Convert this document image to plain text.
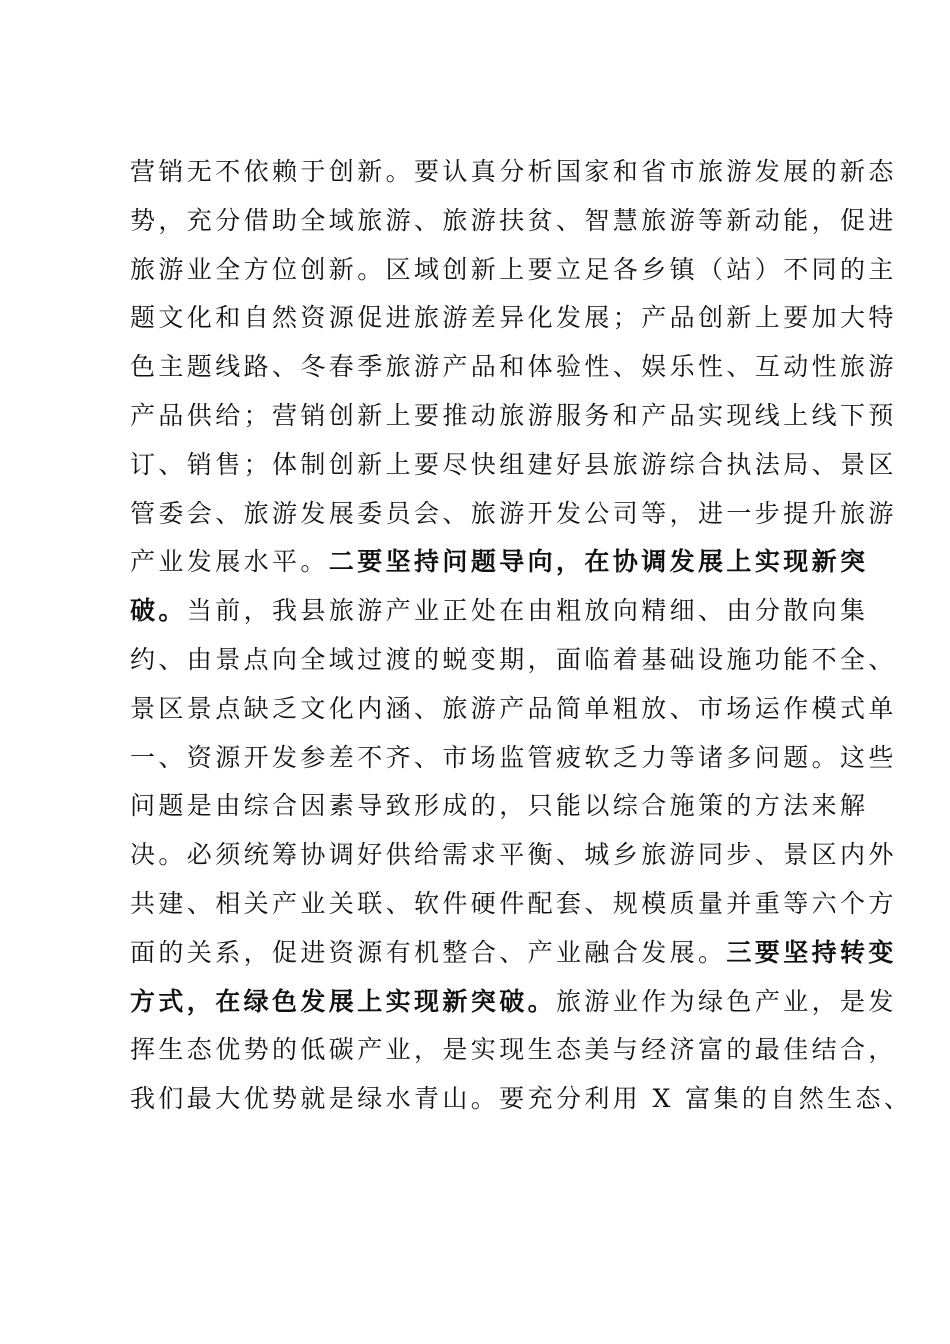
营销无不依赖于创新。要认真分析国家和省市旅游发展的新态
势，充分借助全域旅游、旅游扶贫、智慧旅游等新动能，促进
旅游业全方位创新。区域创新上要立足各乡镇（站）不同的主
题文化和自然资源促进旅游差异化发展；产品创新上要加大特
色主题线路、冬春季旅游产品和体验性、娱乐性、互动性旅游
产品供给；营销创新上要推动旅游服务和产品实现线上线下预
订、销售；体制创新上要尽快组建好县旅游综合执法局、景区
管委会、旅游发展委员会、旅游开发公司等，进一步提升旅游
产业发展水平。二要坚持问题导向，在协调发展上实现新突
破。当前，我县旅游产业正处在由粗放向精细、由分散向集
约、由景点向全域过渡的蜕变期，面临着基础设施功能不全、
景区景点缺乏文化内涵、旅游产品简单粗放、市场运作模式单
一、资源开发参差不齐、市场监管疲软乏力等诸多问题。这些
问题是由综合因素导致形成的，只能以综合施策的方法来解
决。必须统筹协调好供给需求平衡、城乡旅游同步、景区内外
共建、相关产业关联、软件硬件配套、规模质量并重等六个方
面的关系，促进资源有机整合、产业融合发展。三要坚持转变
方式，在绿色发展上实现新突破。旅游业作为绿色产业，是发
挥生态优势的低碳产业，是实现生态美与经济富的最佳结合，
我们最大优势就是绿水青山。要充分利用 X 富集的自然生态、
